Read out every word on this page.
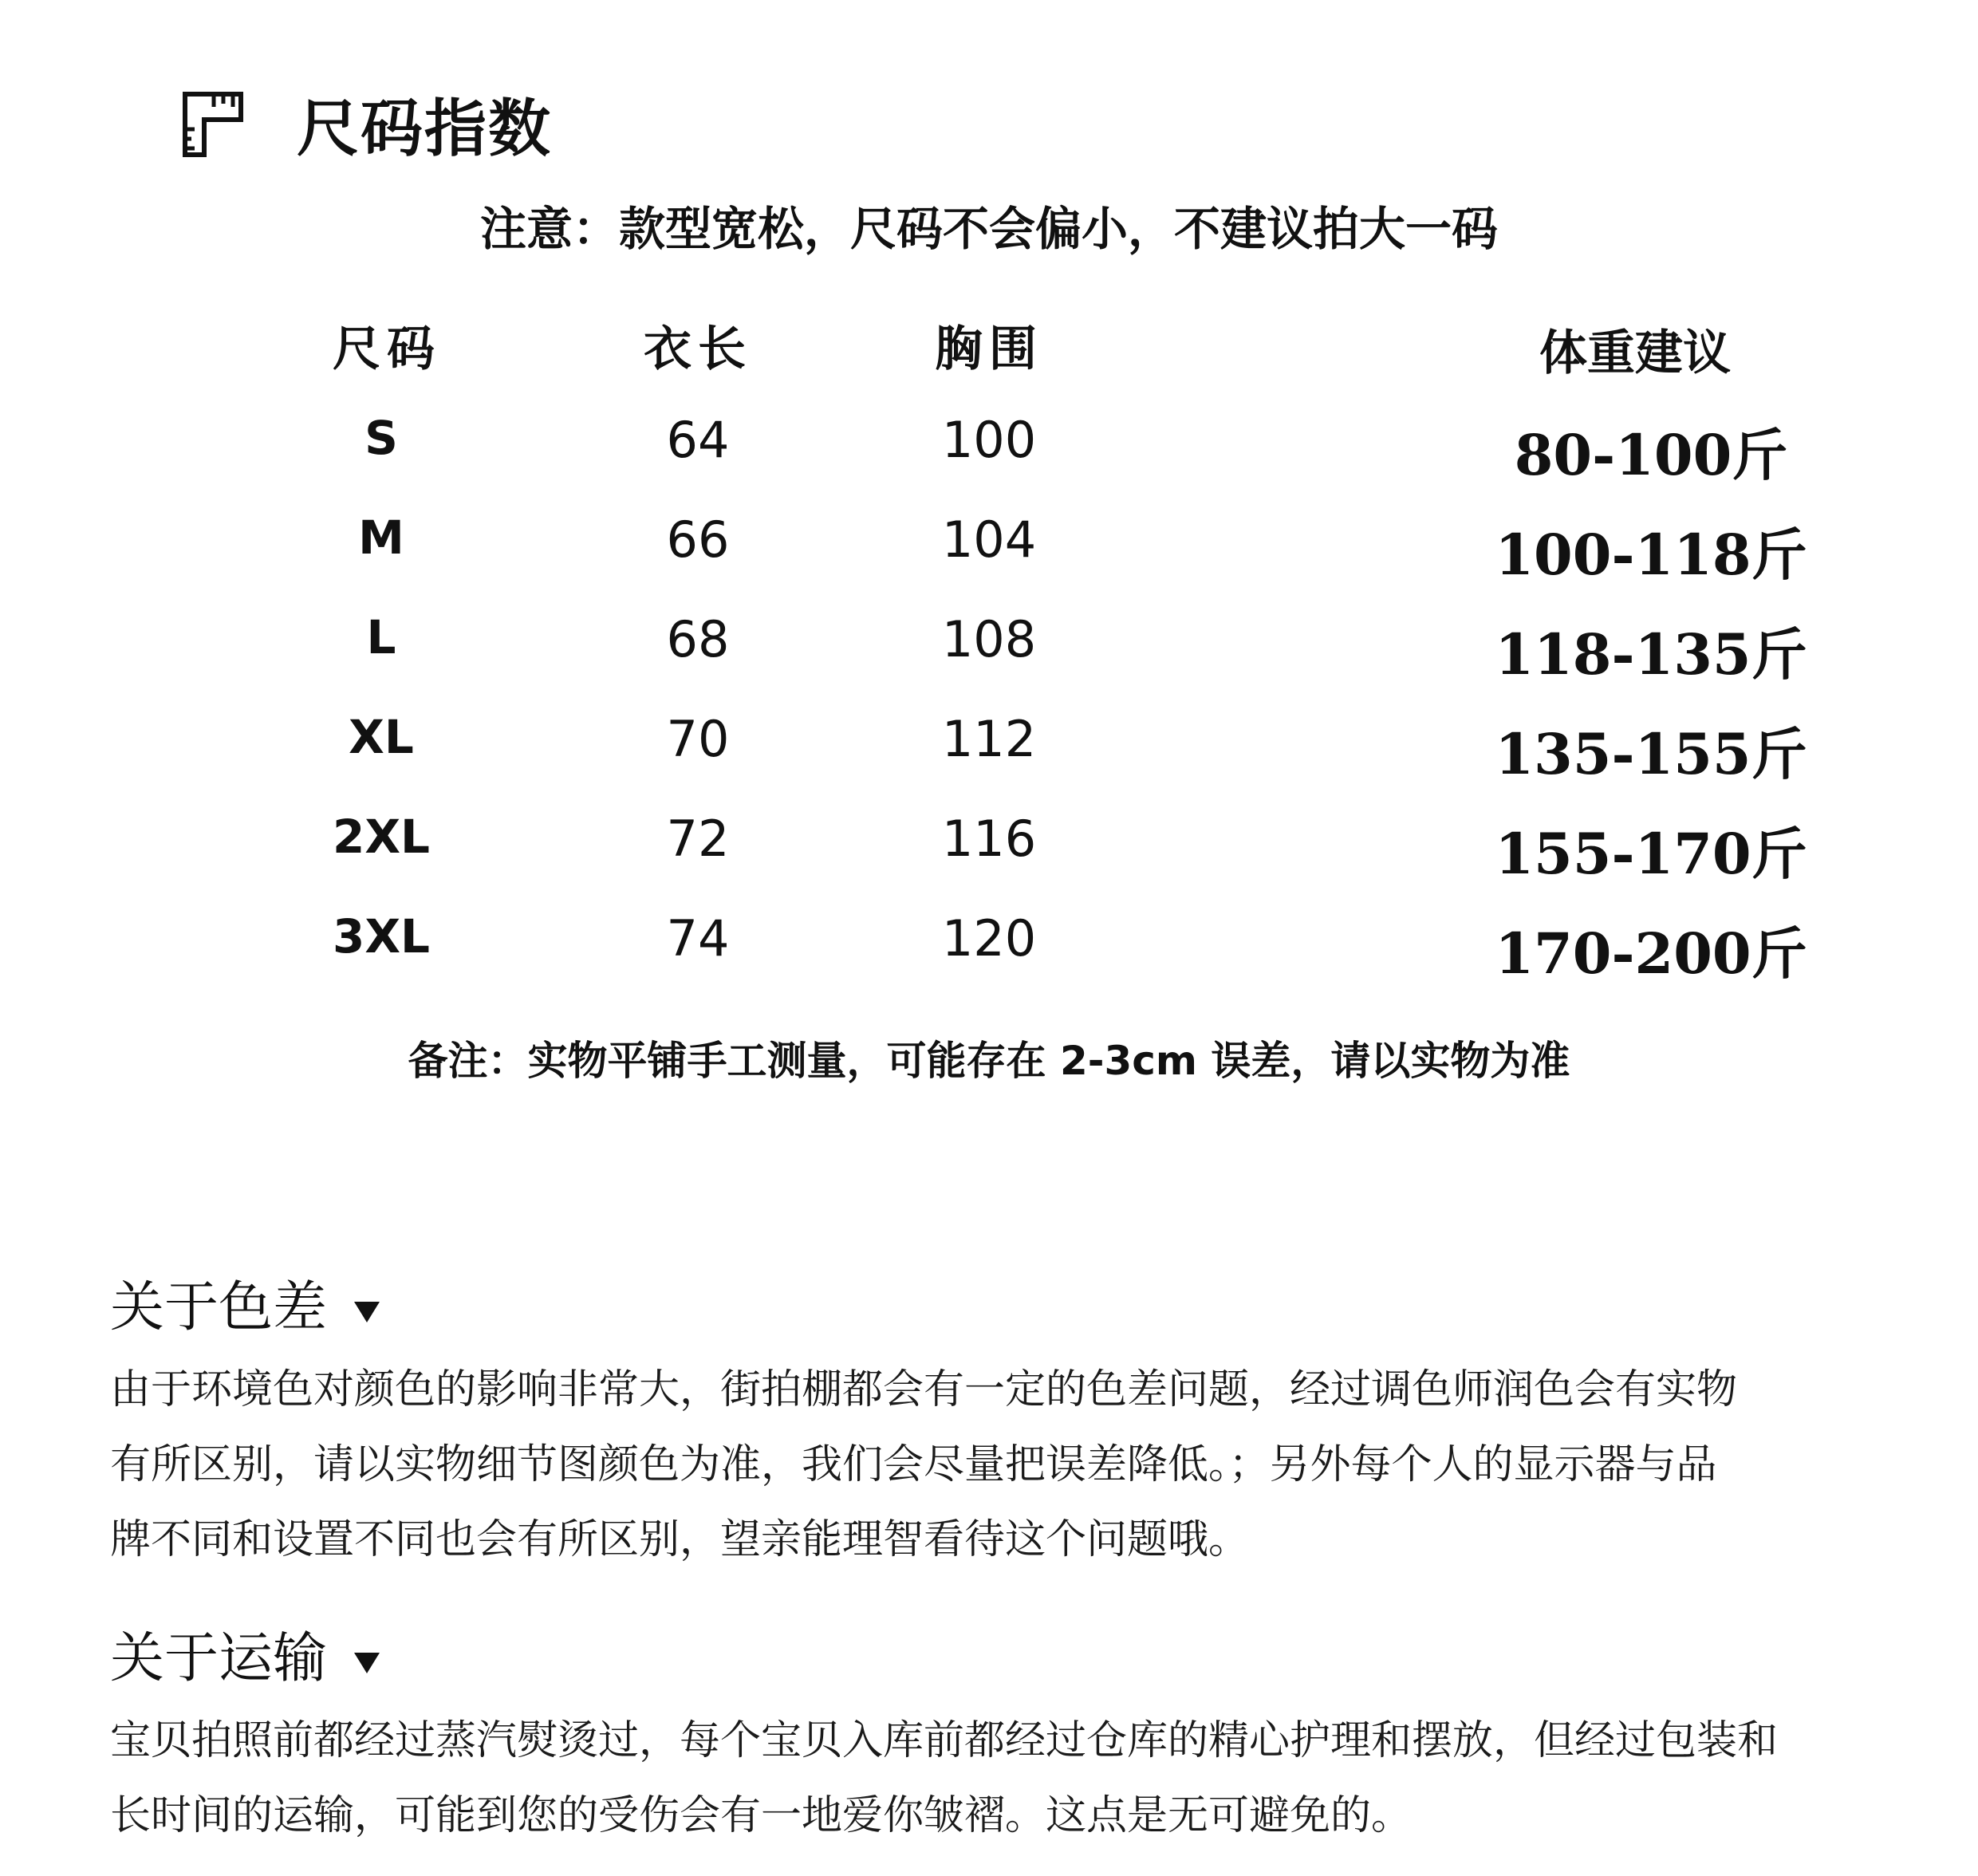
尺码指数
注意：款型宽松，尺码不会偏小，不建议拍大一码
尺码	衣长	胸围	体重建议
S	64	100	80-100斤
M	66	104	100-118斤
L	68	108	118-135斤
XL	70	112	135-155斤
2XL	72	116	155-170斤
3XL	74	120	170-200斤
备注：实物平铺手工测量，可能存在 2-3cm 误差，请以实物为准
关于色差
由于环境色对颜色的影响非常大，街拍棚都会有一定的色差问题，经过调色师润色会有实物
有所区别，请以实物细节图颜色为准，我们会尽量把误差降低。；另外每个人的显示器与品
牌不同和设置不同也会有所区别，望亲能理智看待这个问题哦。
关于运输
宝贝拍照前都经过蒸汽熨烫过，每个宝贝入库前都经过仓库的精心护理和摆放，但经过包装和
长时间的运输，可能到您的受伤会有一地爱你皱褶。这点是无可避免的。
